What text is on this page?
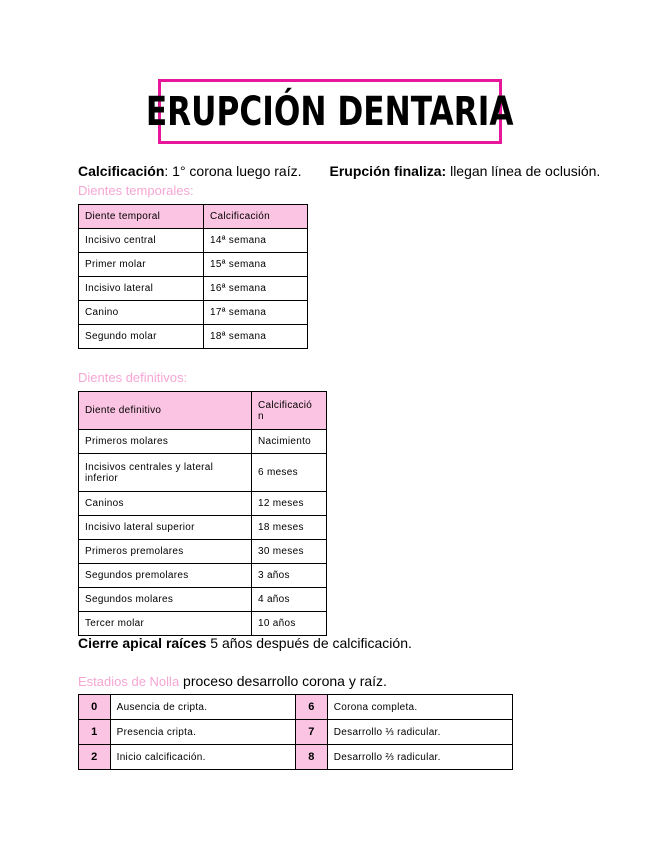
ERUPCIÓN DENTARIA
Calcificación: 1° corona luego raíz. Erupción finaliza: llegan línea de oclusión.
Dientes temporales:
Diente temporal	Calcificación
Incisivo central	14ª semana
Primer molar	15ª semana
Incisivo lateral	16ª semana
Canino	17ª semana
Segundo molar	18ª semana
Dientes definitivos:
Diente definitivo	Calcificació n
Primeros molares	Nacimiento
Incisivos centrales y lateral inferior	6 meses
Caninos	12 meses
Incisivo lateral superior	18 meses
Primeros premolares	30 meses
Segundos premolares	3 años
Segundos molares	4 años
Tercer molar	10 años
Cierre apical raíces 5 años después de calcificación.
Estadios de Nolla proceso desarrollo corona y raíz.
0	Ausencia de cripta.	6	Corona completa.
1	Presencia cripta.	7	Desarrollo ⅓ radicular.
2	Inicio calcificación.	8	Desarrollo ⅔ radicular.
